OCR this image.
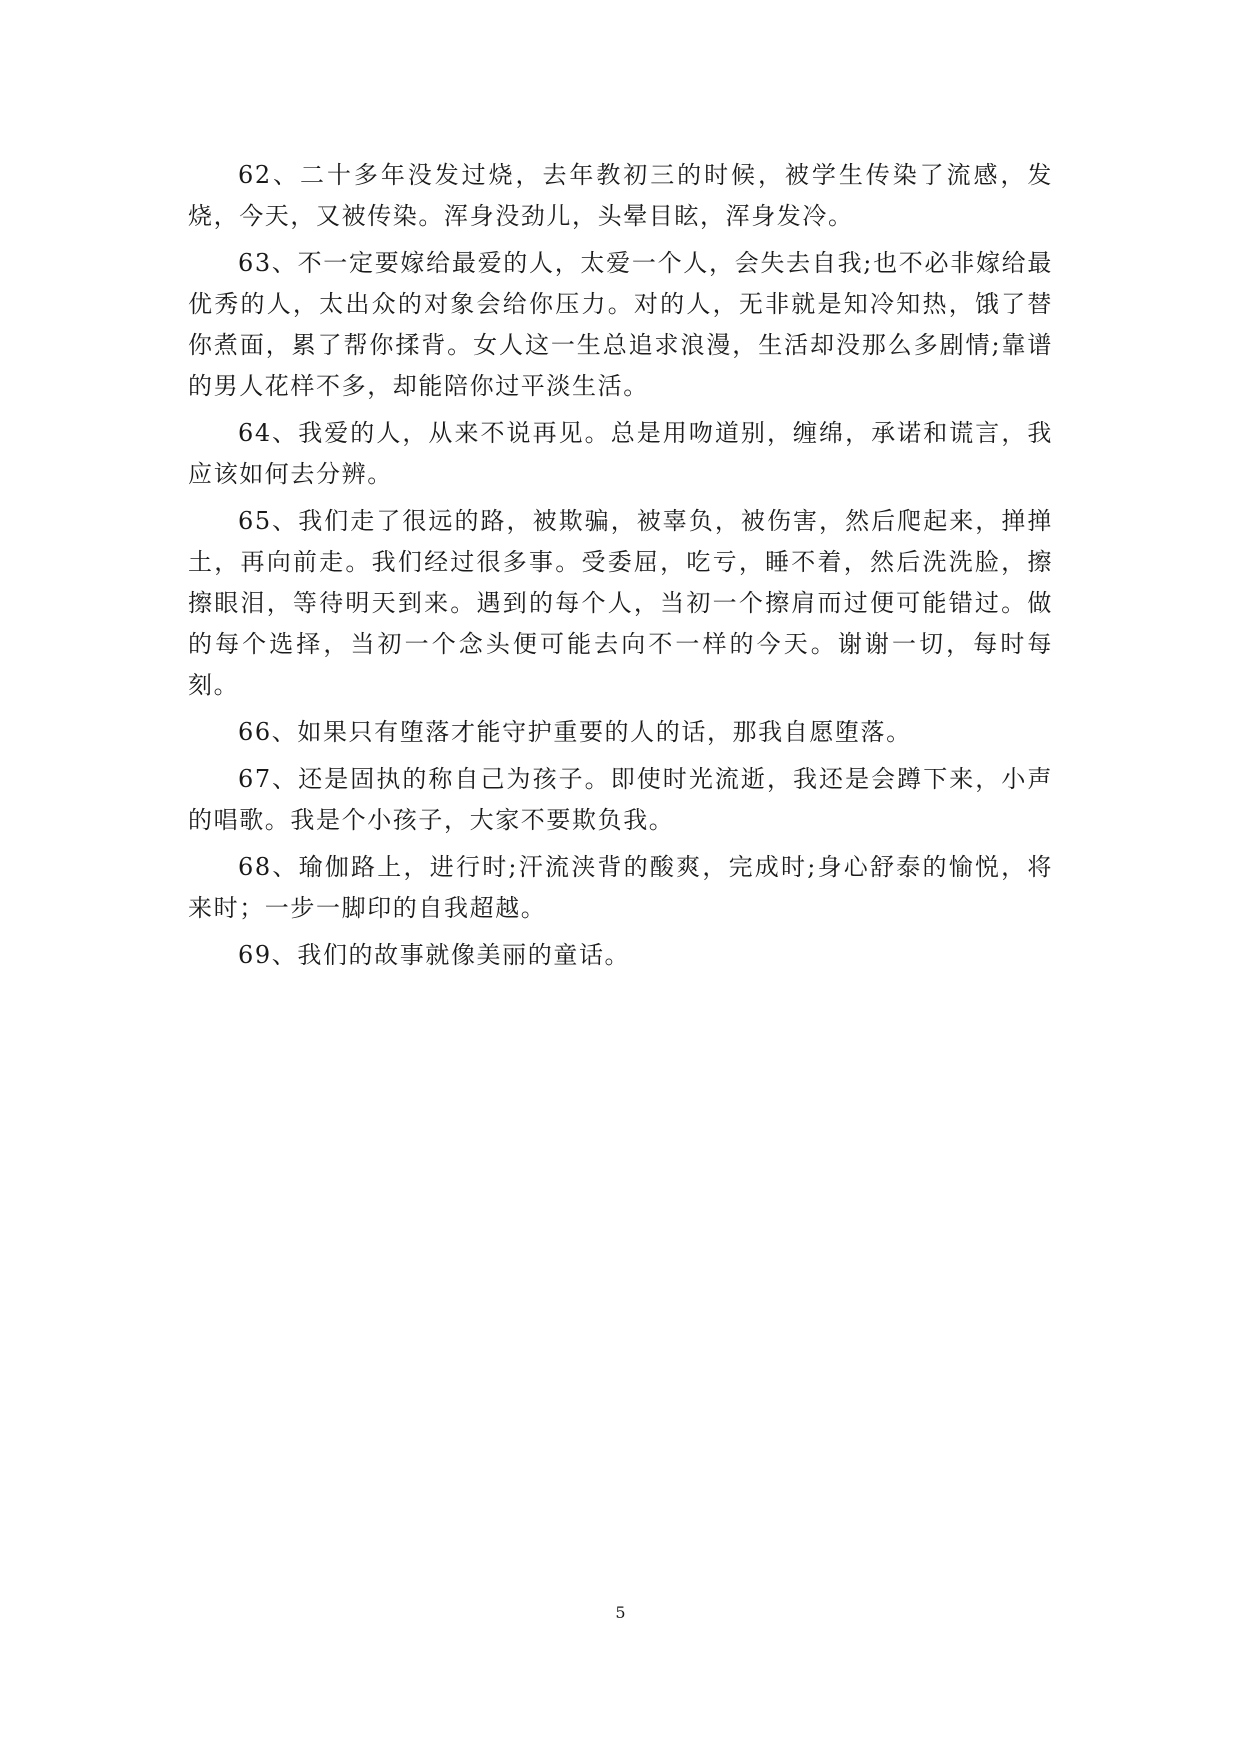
62、二十多年没发过烧，去年教初三的时候，被学生传染了流感，发烧，今天，又被传染。浑身没劲儿，头晕目眩，浑身发冷。

63、不一定要嫁给最爱的人，太爱一个人，会失去自我;也不必非嫁给最优秀的人，太出众的对象会给你压力。对的人，无非就是知冷知热，饿了替你煮面，累了帮你揉背。女人这一生总追求浪漫，生活却没那么多剧情;靠谱的男人花样不多，却能陪你过平淡生活。

64、我爱的人，从来不说再见。总是用吻道别，缠绵，承诺和谎言，我应该如何去分辨。

65、我们走了很远的路，被欺骗，被辜负，被伤害，然后爬起来，掸掸土，再向前走。我们经过很多事。受委屈，吃亏，睡不着，然后洗洗脸，擦擦眼泪，等待明天到来。遇到的每个人，当初一个擦肩而过便可能错过。做的每个选择，当初一个念头便可能去向不一样的今天。谢谢一切，每时每刻。

66、如果只有堕落才能守护重要的人的话，那我自愿堕落。

67、还是固执的称自己为孩子。即使时光流逝，我还是会蹲下来，小声的唱歌。我是个小孩子，大家不要欺负我。

68、瑜伽路上，进行时;汗流浃背的酸爽，完成时;身心舒泰的愉悦，将来时；一步一脚印的自我超越。

69、我们的故事就像美丽的童话。

5
